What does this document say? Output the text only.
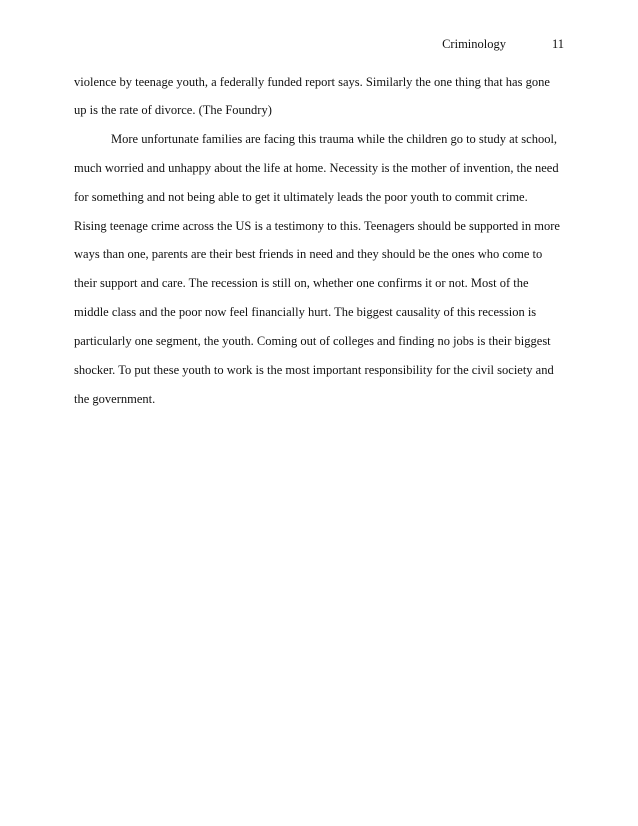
Criminology	11
violence by teenage youth, a federally funded report says. Similarly the one thing that has gone
up is the rate of divorce. (The Foundry)
More unfortunate families are facing this trauma while the children go to study at school,
much worried and unhappy about the life at home. Necessity is the mother of invention, the need
for something and not being able to get it ultimately leads the poor youth to commit crime.
Rising teenage crime across the US is a testimony to this. Teenagers should be supported in more
ways than one, parents are their best friends in need and they should be the ones who come to
their support and care. The recession is still on, whether one confirms it or not. Most of the
middle class and the poor now feel financially hurt. The biggest causality of this recession is
particularly one segment, the youth. Coming out of colleges and finding no jobs is their biggest
shocker. To put these youth to work is the most important responsibility for the civil society and
the government.
